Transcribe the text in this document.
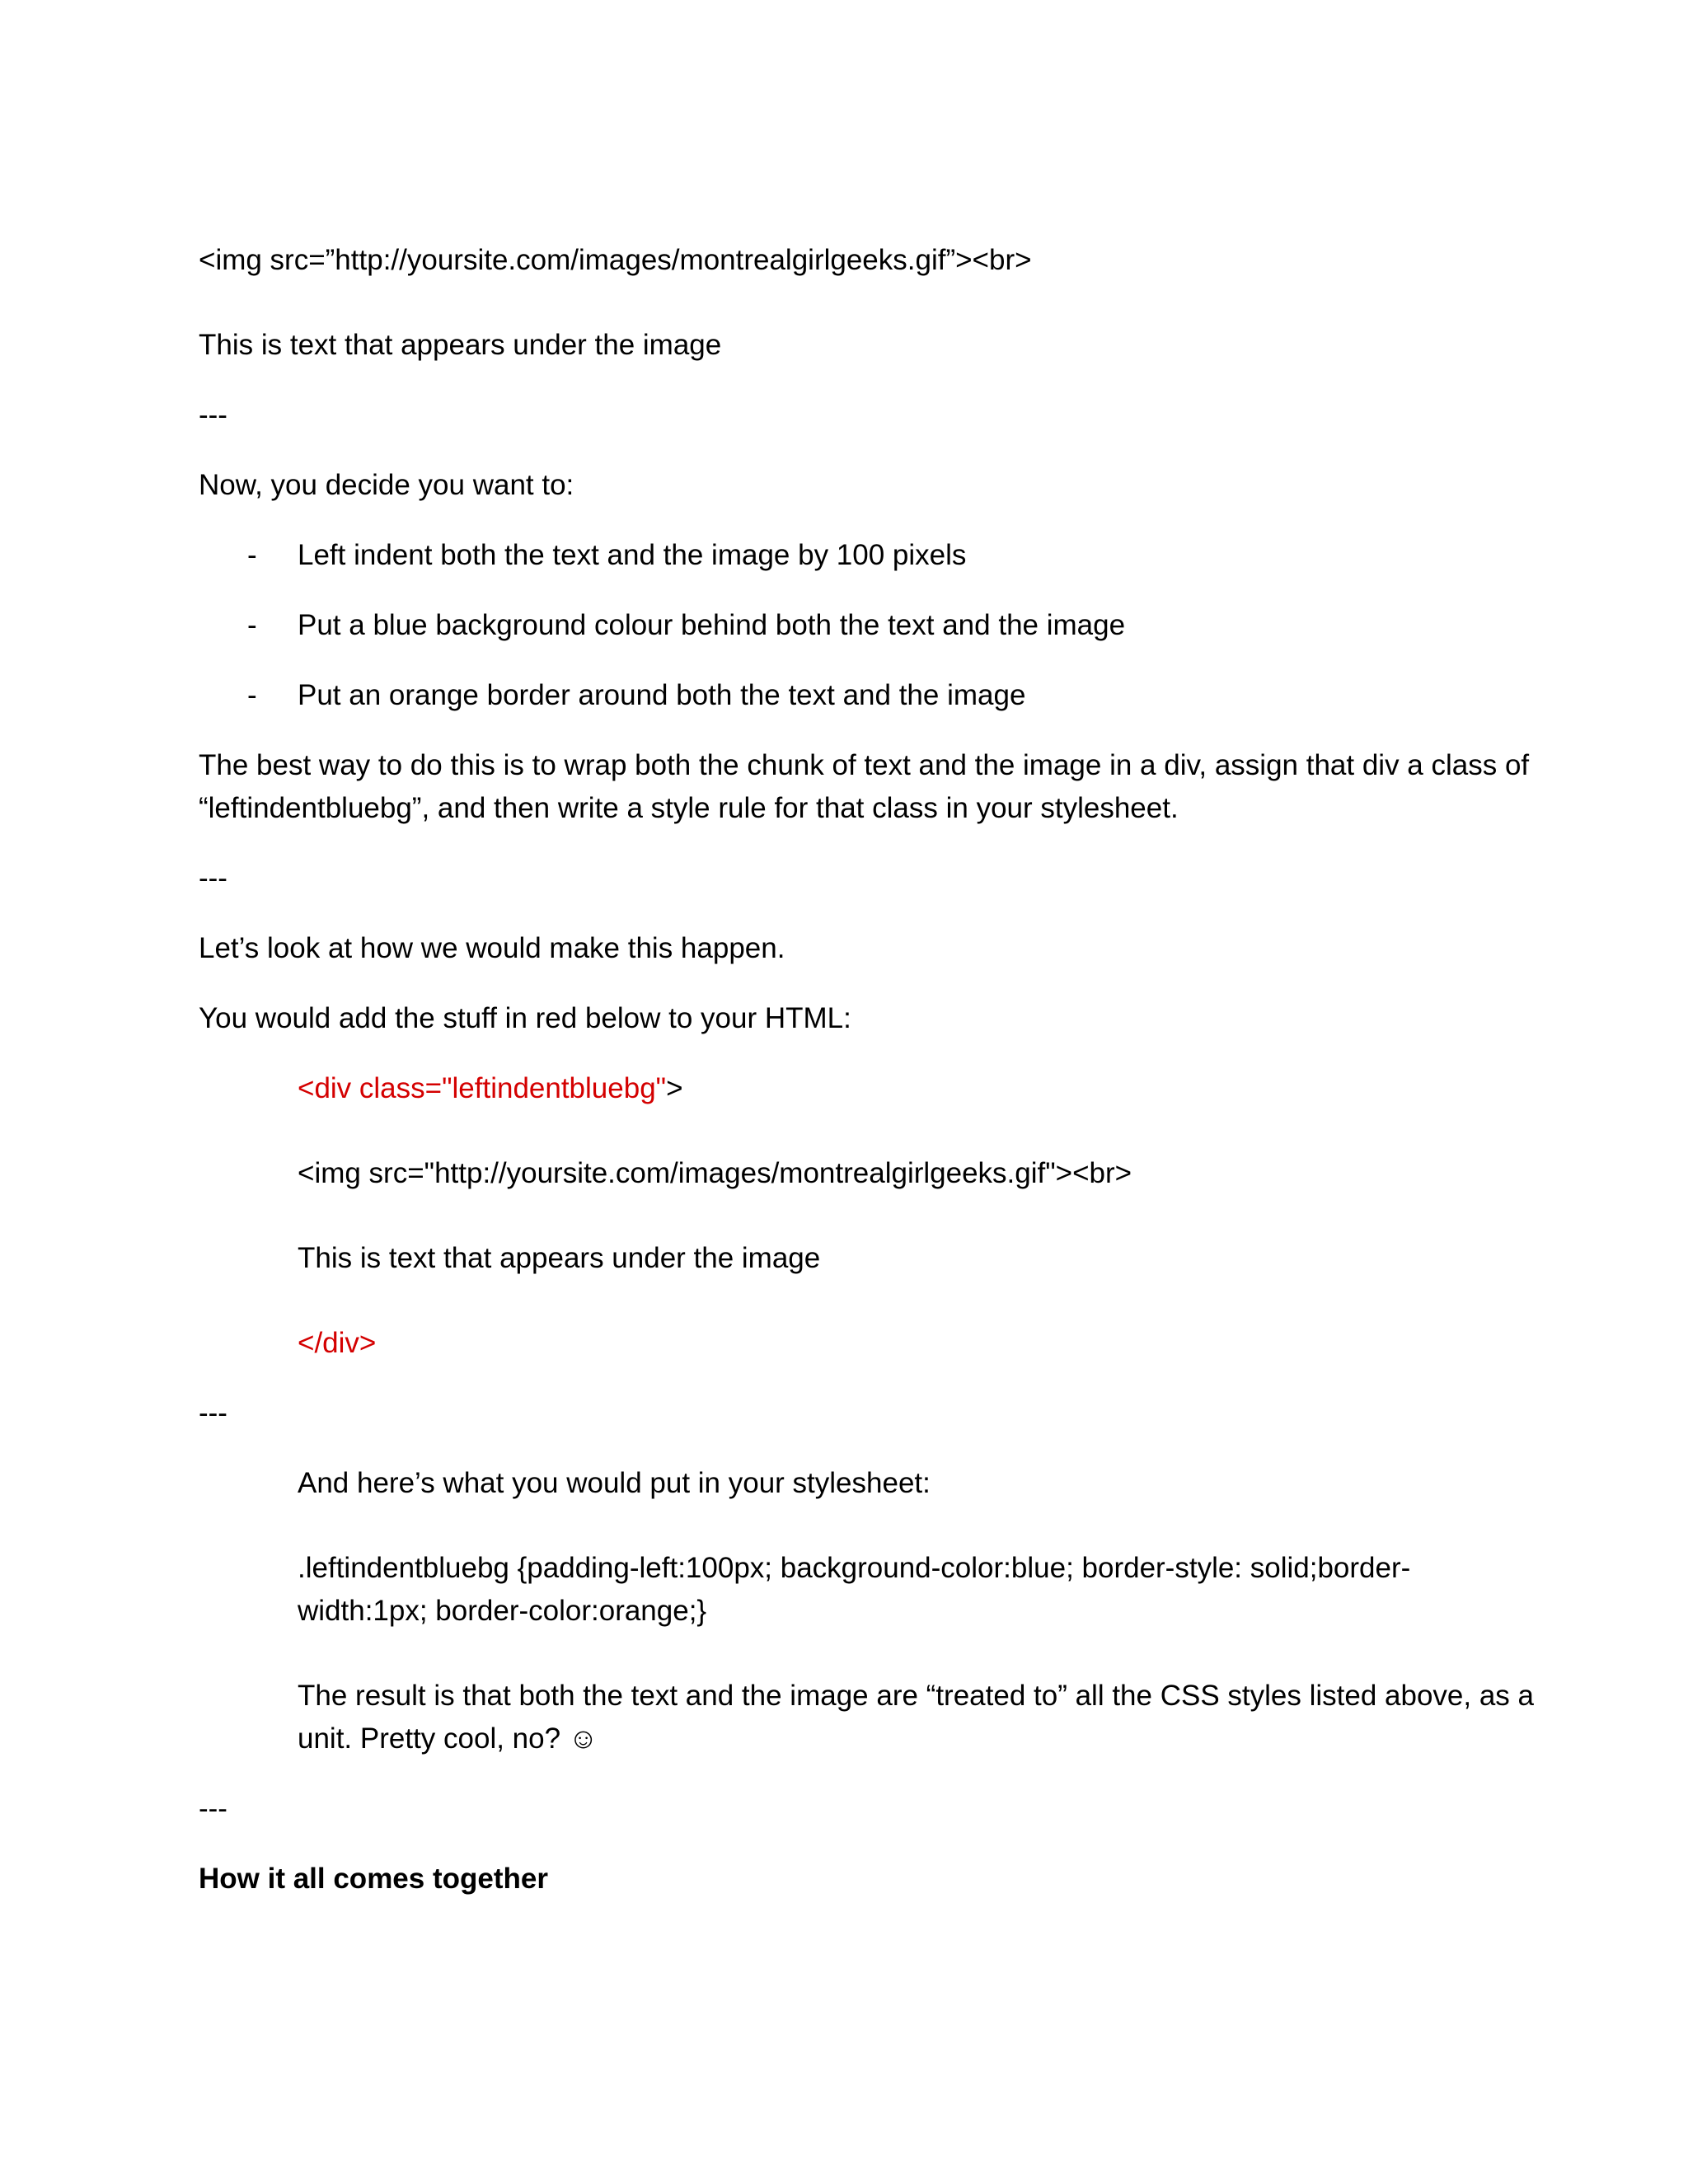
<img src=”http://yoursite.com/images/montrealgirlgeeks.gif”><br>
This is text that appears under the image
---
Now, you decide you want to:
- Left indent both the text and the image by 100 pixels
- Put a blue background colour behind both the text and the image
- Put an orange border around both the text and the image
The best way to do this is to wrap both the chunk of text and the image in a div, assign that div a class of
“leftindentbluebg”, and then write a style rule for that class in your stylesheet.
---
Let’s look at how we would make this happen.
You would add the stuff in red below to your HTML:
<div class="leftindentbluebg">
<img src="http://yoursite.com/images/montrealgirlgeeks.gif"><br>
This is text that appears under the image
</div>
---
And here’s what you would put in your stylesheet:
.leftindentbluebg {padding-left:100px; background-color:blue; border-style: solid;border-
width:1px; border-color:orange;}
The result is that both the text and the image are “treated to” all the CSS styles listed above, as a
unit. Pretty cool, no? ☺
---
How it all comes together
